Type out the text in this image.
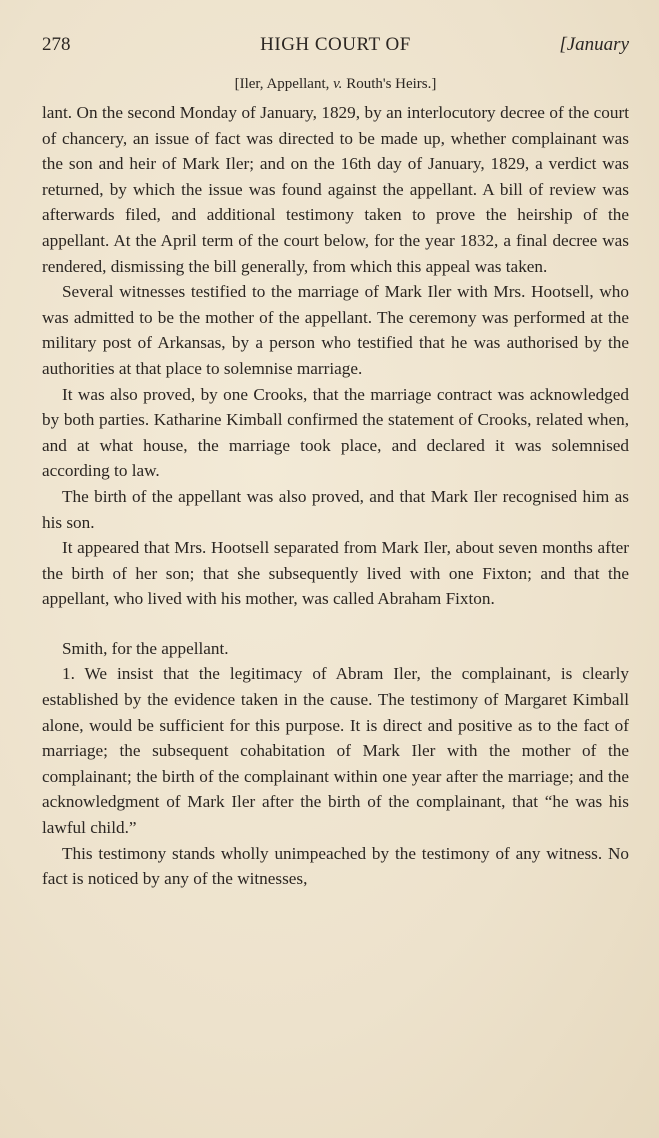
278	HIGH COURT OF	[January
[Iler, Appellant, v. Routh's Heirs.]

lant. On the second Monday of January, 1829, by an interlocutory decree of the court of chancery, an issue of fact was directed to be made up, whether complainant was the son and heir of Mark Iler; and on the 16th day of January, 1829, a verdict was returned, by which the issue was found against the appellant. A bill of review was afterwards filed, and additional testimony taken to prove the heirship of the appellant. At the April term of the court below, for the year 1832, a final decree was rendered, dismissing the bill generally, from which this appeal was taken.

Several witnesses testified to the marriage of Mark Iler with Mrs. Hootsell, who was admitted to be the mother of the appellant. The ceremony was performed at the military post of Arkansas, by a person who testified that he was authorised by the authorities at that place to solemnise marriage.

It was also proved, by one Crooks, that the marriage contract was acknowledged by both parties. Katharine Kimball confirmed the statement of Crooks, related when, and at what house, the marriage took place, and declared it was solemnised according to law.

The birth of the appellant was also proved, and that Mark Iler recognised him as his son.

It appeared that Mrs. Hootsell separated from Mark Iler, about seven months after the birth of her son; that she subsequently lived with one Fixton; and that the appellant, who lived with his mother, was called Abraham Fixton.

Smith, for the appellant.

1. We insist that the legitimacy of Abram Iler, the complainant, is clearly established by the evidence taken in the cause. The testimony of Margaret Kimball alone, would be sufficient for this purpose. It is direct and positive as to the fact of marriage; the subsequent cohabitation of Mark Iler with the mother of the complainant; the birth of the complainant within one year after the marriage; and the acknowledgment of Mark Iler after the birth of the complainant, that “he was his lawful child.”

This testimony stands wholly unimpeached by the testimony of any witness. No fact is noticed by any of the witnesses,
